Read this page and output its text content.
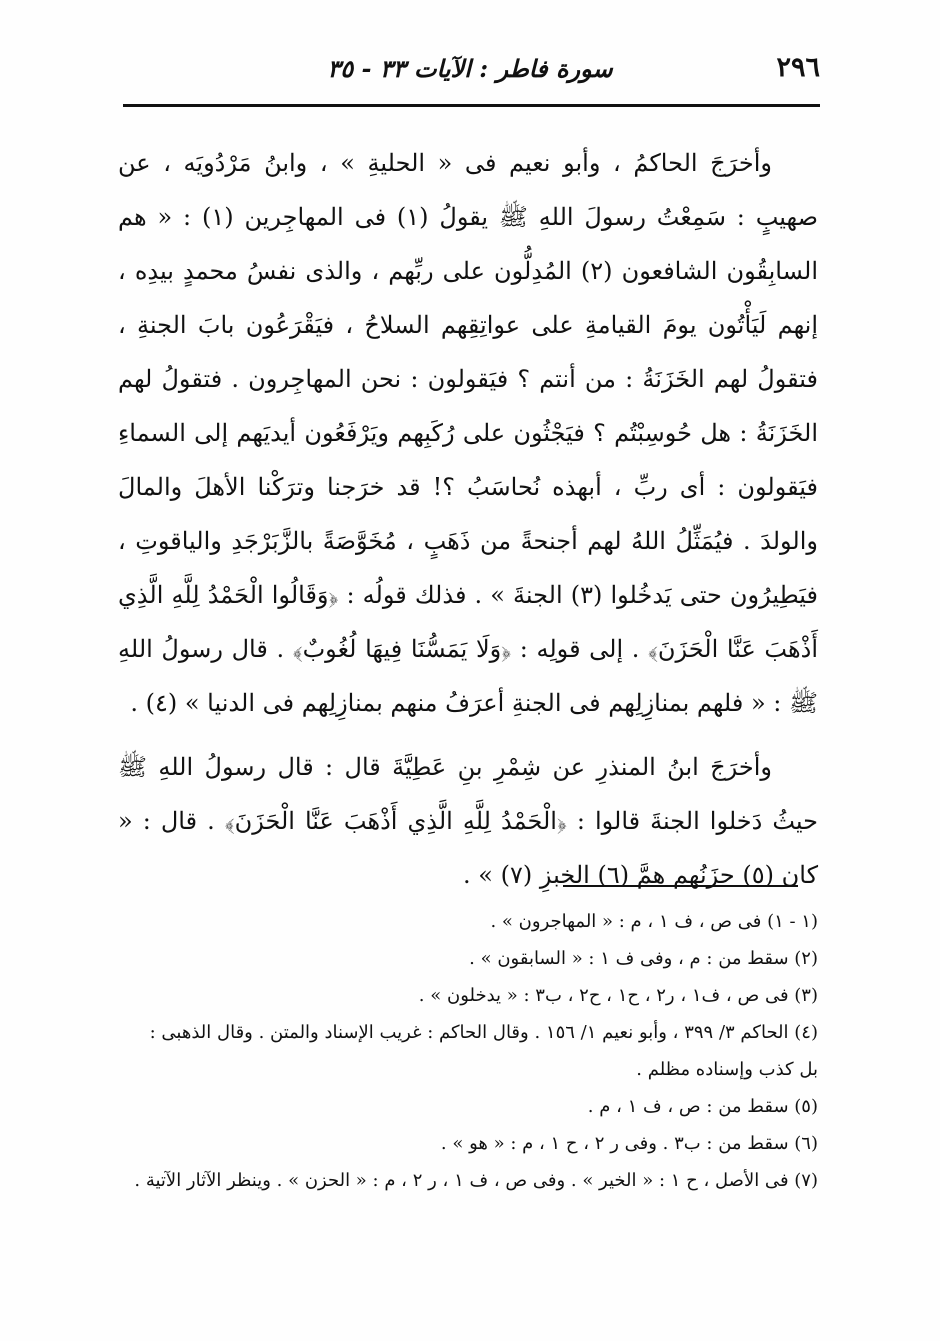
٢٩٦
سورة فاطر : الآيات ٣٣ - ٣٥

وأخرَجَ الحاكمُ ، وأبو نعيم فى « الحليةِ » ، وابنُ مَرْدُويَه ، عن صهيبٍ : سَمِعْتُ رسولَ اللهِ ﷺ يقولُ (١) فى المهاجِرين (١) : « هم السابِقُون الشافعون (٢) المُدِلُّون على ربِّهم ، والذى نفسُ محمدٍ بيدِه ، إنهم لَيَأْتُون يومَ القيامةِ على عواتِقِهم السلاحُ ، فيَقْرَعُون بابَ الجنةِ ، فتقولُ لهم الخَزَنَةُ : من أنتم ؟ فيَقولون : نحن المهاجِرون . فتقولُ لهم الخَزَنَةُ : هل حُوسِبْتُم ؟ فيَجْثُون على رُكَبِهم ويَرْفَعُون أيديَهم إلى السماءِ فيَقولون : أى ربِّ ، أبهذه نُحاسَبُ ؟! قد خرَجنا وترَكْنا الأهلَ والمالَ والولدَ . فيُمَثِّلُ اللهُ لهم أجنحةً من ذَهَبٍ ، مُخَوَّصَةً بالزَّبَرْجَدِ والياقوتِ ، فيَطِيرُون حتى يَدخُلوا (٣) الجنةَ » . فذلك قولُه : ﴿وَقَالُوا الْحَمْدُ لِلَّهِ الَّذِي أَذْهَبَ عَنَّا الْحَزَنَ﴾ . إلى قولِه : ﴿وَلَا يَمَسُّنَا فِيهَا لُغُوبٌ﴾ . قال رسولُ اللهِ ﷺ : « فلهم بمنازِلِهم فى الجنةِ أعرَفُ منهم بمنازِلِهم فى الدنيا » (٤) .

وأخرَجَ ابنُ المنذرِ عن شِمْرِ بنِ عَطِيَّةَ قال : قال رسولُ اللهِ ﷺ حيثُ دَخلوا الجنةَ قالوا : ﴿الْحَمْدُ لِلَّهِ الَّذِي أَذْهَبَ عَنَّا الْحَزَنَ﴾ . قال : « كان (٥) حزَنُهم همَّ (٦) الخبزِ (٧) » .

(١ - ١) فى ص ، ف ١ ، م : « المهاجرون » .

(٢) سقط من : م ، وفى ف ١ : « السابقون » .

(٣) فى ص ، ف١ ، ر٢ ، ح١ ، ح٢ ، ب٣ : « يدخلون » .

(٤) الحاكم ٣/ ٣٩٩ ، وأبو نعيم ١/ ١٥٦ . وقال الحاكم : غريب الإسناد والمتن . وقال الذهبى : بل كذب وإسناده مظلم .

(٥) سقط من : ص ، ف ١ ، م .

(٦) سقط من : ب٣ . وفى ر ٢ ، ح ١ ، م : « هو » .

(٧) فى الأصل ، ح ١ : « الخير » . وفى ص ، ف ١ ، ر ٢ ، م : « الحزن » . وينظر الآثار الآتية .
